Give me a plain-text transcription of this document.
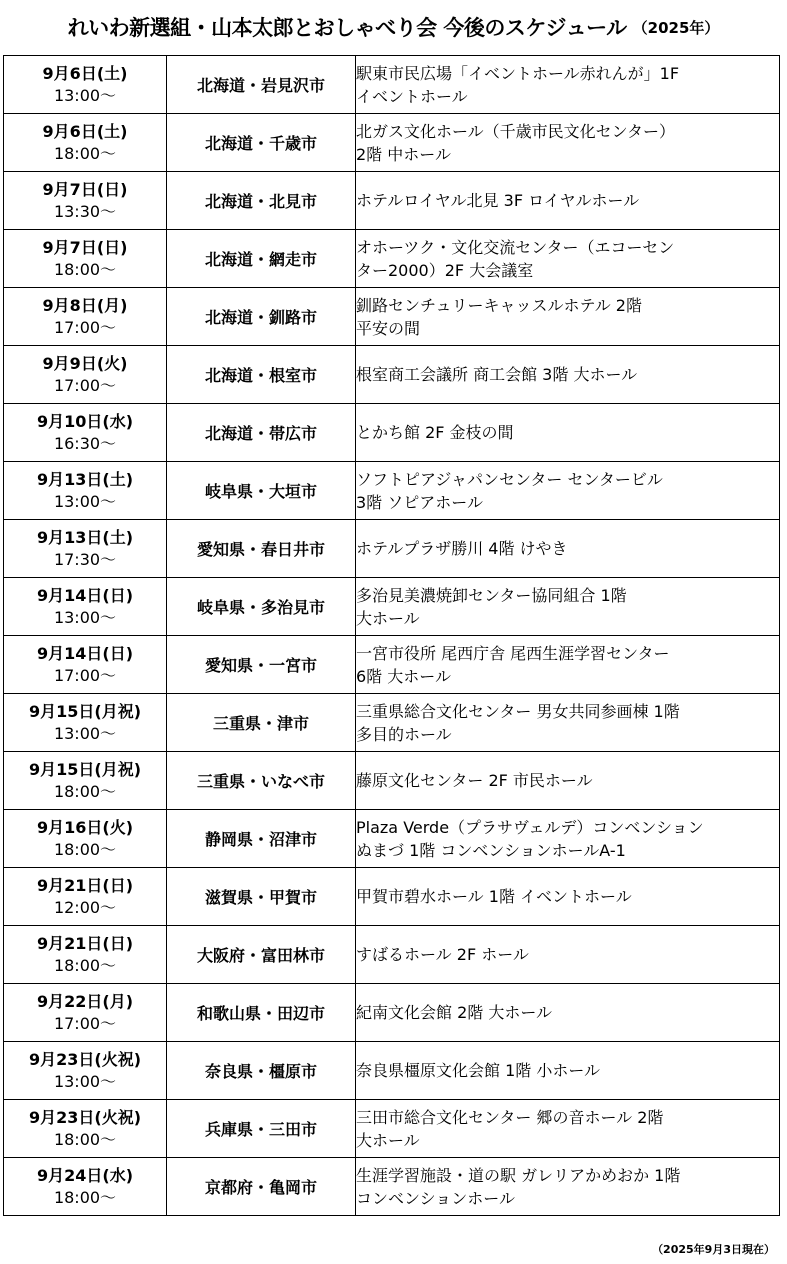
れいわ新選組・山本太郎とおしゃべり会 今後のスケジュール （2025年）
9月6日(土)
13:00〜	北海道・岩見沢市	駅東市民広場「イベントホール赤れんが」1F
イベントホール

9月6日(土)
18:00〜	北海道・千歳市	北ガス文化ホール（千歳市民文化センター）
2階 中ホール

9月7日(日)
13:30〜	北海道・北見市	ホテルロイヤル北見 3F ロイヤルホール

9月7日(日)
18:00〜	北海道・網走市	オホーツク・文化交流センター（エコーセン
ター2000）2F 大会議室

9月8日(月)
17:00〜	北海道・釧路市	釧路センチュリーキャッスルホテル 2階
平安の間

9月9日(火)
17:00〜	北海道・根室市	根室商工会議所 商工会館 3階 大ホール

9月10日(水)
16:30〜	北海道・帯広市	とかち館 2F 金枝の間

9月13日(土)
13:00〜	岐阜県・大垣市	ソフトピアジャパンセンター センタービル
3階 ソピアホール

9月13日(土)
17:30〜	愛知県・春日井市	ホテルプラザ勝川 4階 けやき

9月14日(日)
13:00〜	岐阜県・多治見市	多治見美濃焼卸センター協同組合 1階
大ホール

9月14日(日)
17:00〜	愛知県・一宮市	一宮市役所 尾西庁舎 尾西生涯学習センター
6階 大ホール

9月15日(月祝)
13:00〜	三重県・津市	三重県総合文化センター 男女共同参画棟 1階
多目的ホール

9月15日(月祝)
18:00〜	三重県・いなべ市	藤原文化センター 2F 市民ホール

9月16日(火)
18:00〜	静岡県・沼津市	Plaza Verde（プラサヴェルデ）コンベンション
ぬまづ 1階 コンベンションホールA-1

9月21日(日)
12:00〜	滋賀県・甲賀市	甲賀市碧水ホール 1階 イベントホール

9月21日(日)
18:00〜	大阪府・富田林市	すばるホール 2F ホール

9月22日(月)
17:00〜	和歌山県・田辺市	紀南文化会館 2階 大ホール

9月23日(火祝)
13:00〜	奈良県・橿原市	奈良県橿原文化会館 1階 小ホール

9月23日(火祝)
18:00〜	兵庫県・三田市	三田市総合文化センター 郷の音ホール 2階
大ホール

9月24日(水)
18:00〜	京都府・亀岡市	生涯学習施設・道の駅 ガレリアかめおか 1階
コンベンションホール
（2025年9月3日現在）
